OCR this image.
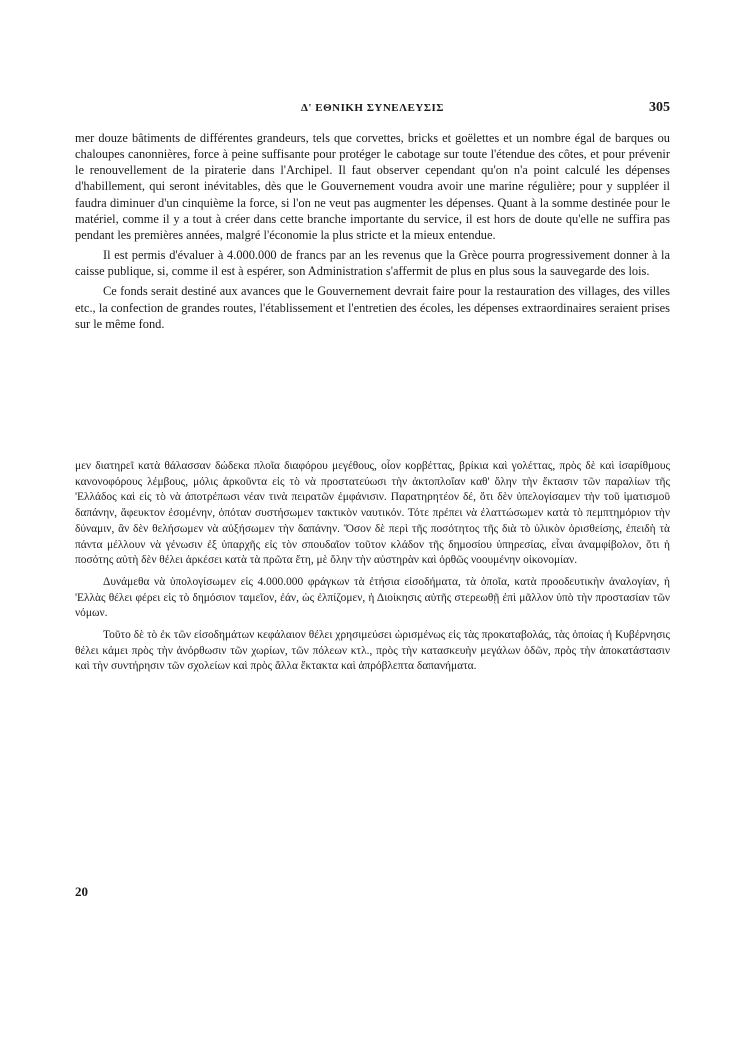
Δ' ΕΘΝΙΚΗ ΣΥΝΕΛΕΥΣΙΣ	305

mer douze bâtiments de différentes grandeurs, tels que corvettes, bricks et goëlettes et un nombre égal de barques ou chaloupes canonnières, force à peine suffisante pour protéger le cabotage sur toute l'étendue des côtes, et pour prévenir le renouvellement de la piraterie dans l'Archipel. Il faut observer cependant qu'on n'a point calculé les dépenses d'habillement, qui seront inévitables, dès que le Gouvernement voudra avoir une marine régulière; pour y suppléer il faudra diminuer d'un cinquième la force, si l'on ne veut pas augmenter les dépenses. Quant à la somme destinée pour le matériel, comme il y a tout à créer dans cette branche importante du service, il est hors de doute qu'elle ne suffira pas pendant les premières années, malgré l'économie la plus stricte et la mieux entendue.

Il est permis d'évaluer à 4.000.000 de francs par an les revenus que la Grèce pourra progressivement donner à la caisse publique, si, comme il est à espérer, son Administration s'affermit de plus en plus sous la sauvegarde des lois.

Ce fonds serait destiné aux avances que le Gouvernement devrait faire pour la restauration des villages, des villes etc., la confection de grandes routes, l'établissement et l'entretien des écoles, les dépenses extraordinaires seraient prises sur le même fond.

μεν διατηρεῖ κατὰ θάλασσαν δώδεκα πλοῖα διαφόρου μεγέθους, οἷον κορβέττας, βρίκια καὶ γολέττας, πρὸς δὲ καὶ ἰσαρίθμους κανονοφόρους λέμβους, μόλις ἀρκοῦντα εἰς τὸ νὰ προστατεύωσι τὴν ἀκτοπλοΐαν καθ' ὅλην τὴν ἔκτασιν τῶν παραλίων τῆς 'Ελλάδος καὶ εἰς τὸ νὰ ἀποτρέπωσι νέαν τινὰ πειρατῶν ἐμφάνισιν. Παρατηρητέον δέ, ὅτι δὲν ὑπελογίσαμεν τὴν τοῦ ἱματισμοῦ δαπάνην, ἄφευκτον ἐσομένην, ὁπόταν συστήσωμεν τακτικὸν ναυτικόν. Τότε πρέπει νὰ ἐλαττώσωμεν κατὰ τὸ πεμπτημόριον τὴν δύναμιν, ἂν δὲν θελήσωμεν νὰ αὐξήσωμεν τὴν δαπάνην. Ὅσον δὲ περὶ τῆς ποσότητος τῆς διὰ τὸ ὑλικὸν ὁρισθείσης, ἐπειδὴ τὰ πάντα μέλλουν νὰ γένωσιν ἐξ ὑπαρχῆς εἰς τὸν σπουδαῖον τοῦτον κλάδον τῆς δημοσίου ὑπηρεσίας, εἶναι ἀναμφίβολον, ὅτι ἡ ποσότης αὐτὴ δὲν θέλει ἀρκέσει κατὰ τὰ πρῶτα ἔτη, μὲ ὅλην τὴν αὐστηρὰν καὶ ὀρθῶς νοουμένην οἰκονομίαν.

Δυνάμεθα νὰ ὑπολογίσωμεν εἰς 4.000.000 φράγκων τὰ ἐτήσια εἰσοδήματα, τὰ ὁποῖα, κατὰ προοδευτικὴν ἀναλογίαν, ἡ 'Ελλὰς θέλει φέρει εἰς τὸ δημόσιον ταμεῖον, ἐάν, ὡς ἐλπίζομεν, ἡ Διοίκησις αὐτῆς στερεωθῇ ἐπὶ μᾶλλον ὑπὸ τὴν προστασίαν τῶν νόμων.

Τοῦτο δὲ τὸ ἐκ τῶν εἰσοδημάτων κεφάλαιον θέλει χρησιμεύσει ὡρισμένως εἰς τὰς προκαταβολάς, τὰς ὁποίας ἡ Κυβέρνησις θέλει κάμει πρὸς τὴν ἀνόρθωσιν τῶν χωρίων, τῶν πόλεων κτλ., πρὸς τὴν κατασκευὴν μεγάλων ὁδῶν, πρὸς τὴν ἀποκατάστασιν καὶ τὴν συντήρησιν τῶν σχολείων καὶ πρὸς ἄλλα ἔκτακτα καὶ ἀπρόβλεπτα δαπανήματα.

20
